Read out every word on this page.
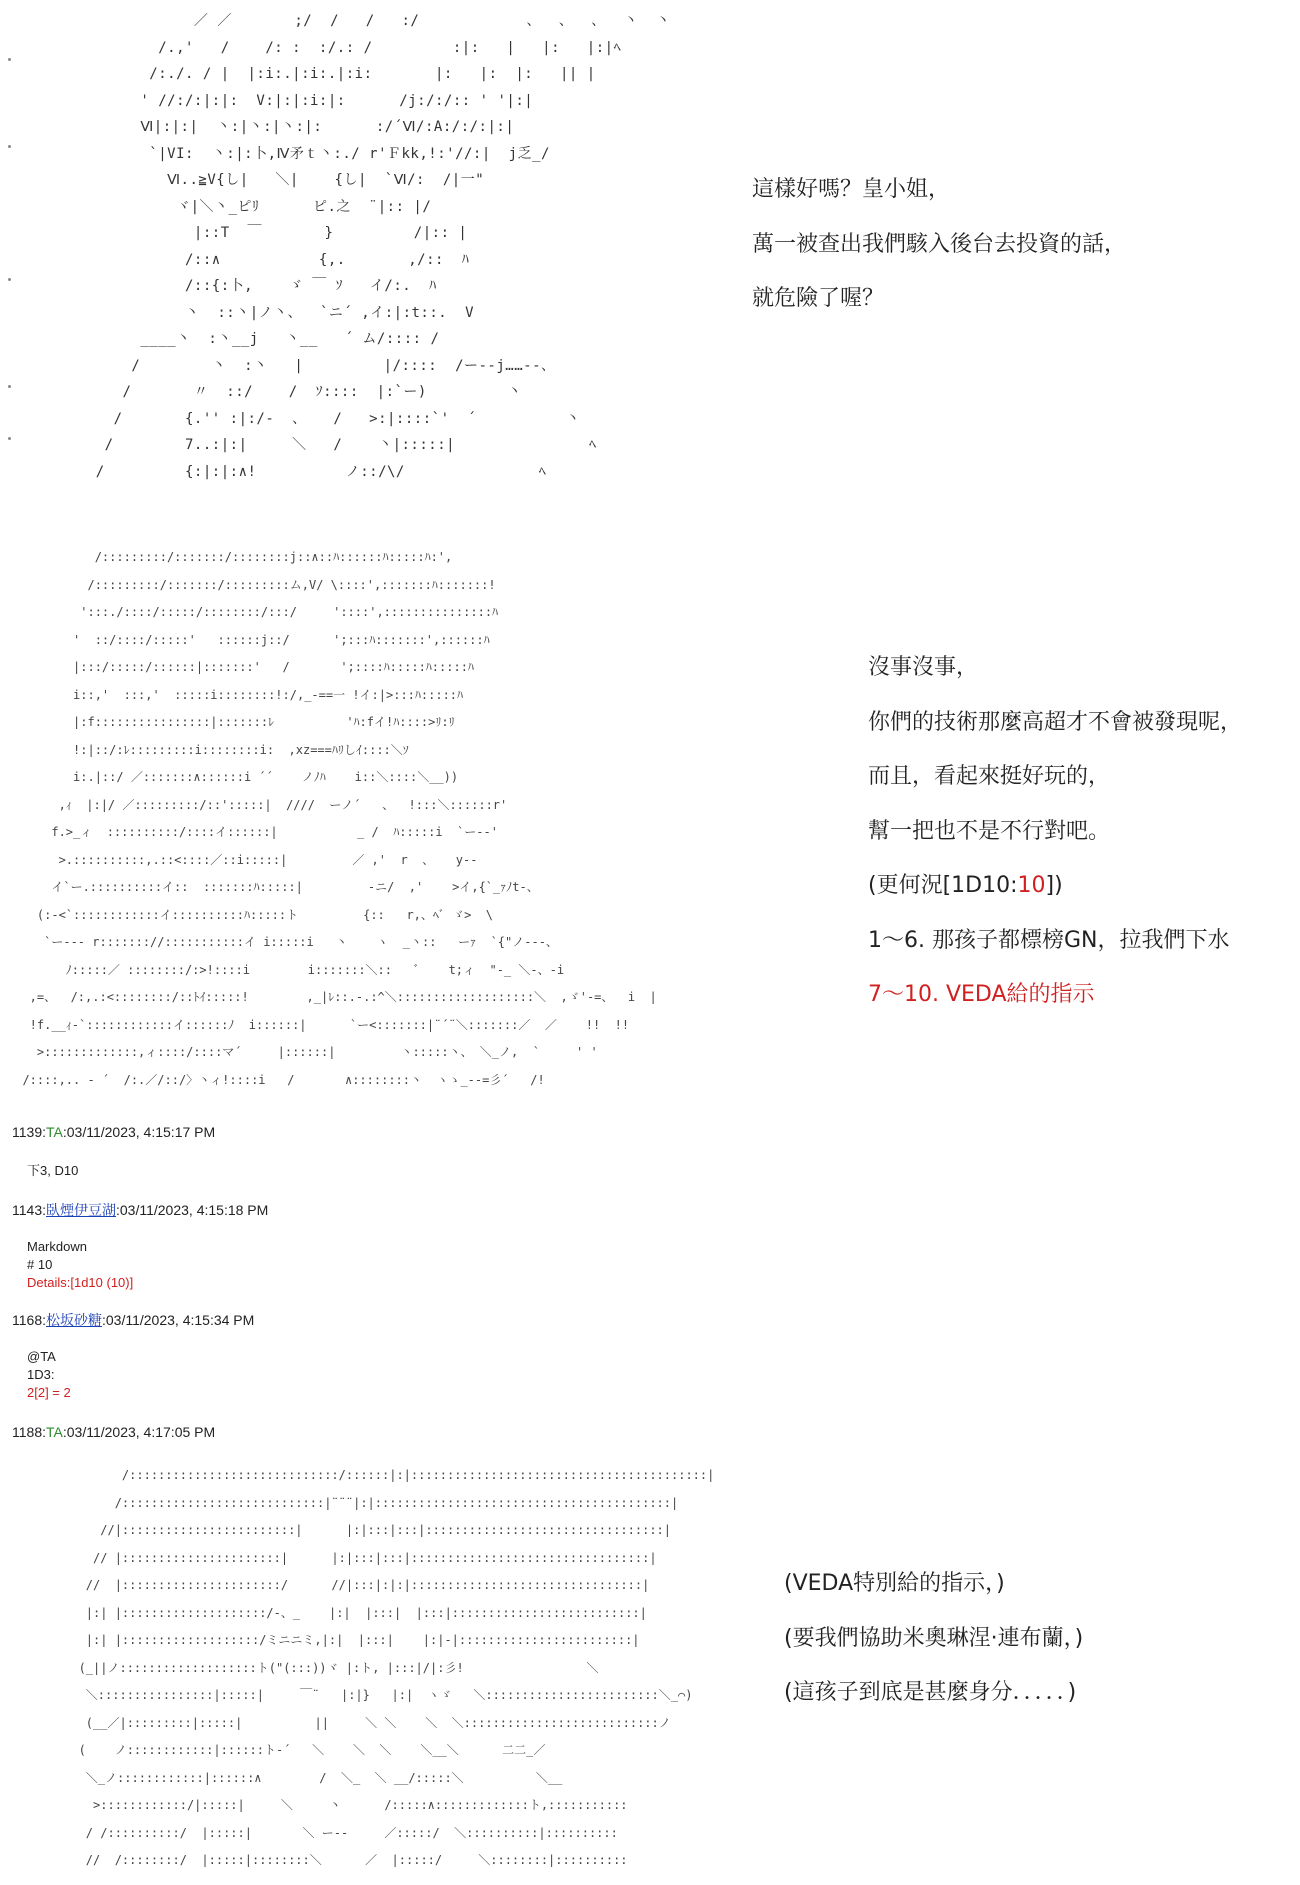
／ ／       ;/  /   /   :/            、  、  、  丶  丶
/.,'   /    /: :  :/.: /         :|:   |   |:   |:|ﾍ
/:./. / |  |:i:.|:i:.|:i:       |:   |:  |:   || |
' //:/:|:|:  V:|:|:i:|:      /j:/:/:: ' '|:|
Ⅵ|:|:|  丶:|丶:|丶:|:      :/´Ⅵ/:A:/:/:|:|
`|VI:  丶:|:卜,Ⅳ矛ｔ丶:./ r'Ｆkk,!:'//:|  j乏_/
Ⅵ..≧V{し|   ＼|    {し|  `Ⅵ/:  /|一"
ヾ|＼丶_ピﾘ      ピ.之  ¨|:: |/
|::T  ￣       }         /|:: |
/::∧           {,.       ,/::  ﾊ
/::{:卜,    ゞ ￣ ｿ   イ/:.  ﾊ
丶  ::丶|ノ丶、  `ニ´ ,イ:|:t::.  V
____丶  :丶__j   丶__   ´ ム/:::: /
/        丶  :丶   |         |/::::  /ー--j……--、
/       〃  ::/    /  ｿ::::  |:`ー)         丶
/       {.'' :|:/-  、   /   >:|::::`'  ´          丶
/        7..:|:|     ＼   /    丶|:::::|               ﾍ
/         {:|:|:∧!          ノ::/\/               ﾍ
這樣好嗎？皇小姐，
萬一被查出我們駭入後台去投資的話，
就危險了喔？
/:::::::::/:::::::/::::::::j::∧::ﾊ::::::ﾊ:::::ﾊ:',
/:::::::::/:::::::/:::::::::ム,V/ \::::',:::::::ﾊ:::::::!
':::./::::/:::::/::::::::/:::/     '::::',:::::::::::::::ﾊ
'  ::/::::/:::::'   ::::::j::/      ';:::ﾊ:::::::',::::::ﾊ
|:::/:::::/::::::|:::::::'   /       ';::::ﾊ:::::ﾊ:::::ﾊ
i::,'  :::,'  :::::i::::::::!:/,_-==一 !イ:|>:::ﾊ:::::ﾊ
|:f::::::::::::::::|:::::::ﾚ          'ﾊ:fイ!ﾊ::::>ﾘ:ﾘ
!:|::/:ﾚ:::::::::i::::::::i:  ,xz===ﾊﾘしｲ::::＼ｿ
i:.|::/ ／:::::::∧::::::i ´´    ノﾉﾊ    i::＼::::＼__))
,ｨ  |:|/ ／:::::::::/::':::::|  ////  ーノ´   、  !:::＼::::::r'
f.>_ィ  ::::::::::/::::イ::::::|           _ /  ﾊ:::::i  `ー-‐'
>.::::::::::,.::<::::／::i:::::|         ／ ,'  r  、   y--
イ`ー.::::::::::イ::  :::::::ﾊ:::::|         -ニ/  ,'    >イ,{`_ｧﾉt-、
(:-<`::::::::::::イ::::::::::ﾊ:::::ト         {::   r,、ﾍﾞ ゞ>  \
`ー--- r::::::://:::::::::::イ i:::::i   丶    ヽ  _丶::   ーｧ  `{"ノ---、
ﾉ:::::／ ::::::::/:>!::::i        i:::::::＼::   ﾞ    t;ィ  "-_ ＼-、-i
,=、  /:,.:<::::::::/::ﾄｲ:::::!        ,_|ﾚ::.-.:^＼:::::::::::::::::::＼  ,ゞ'-=、  i  |
!f.__ｨ-`::::::::::::イ::::::ﾉ  i::::::|      `ー<:::::::|¨´¨＼:::::::／  ／    !!  !!
>:::::::::::::,ィ::::/::::マ´     |::::::|         丶:::::丶、 ＼_ノ,  `     ' '
/::::,.. - ´  /:.／/::/〉丶ィ!::::i   /       ∧::::::::丶  ヽゝ_--=彡´   /!
沒事沒事，
你們的技術那麼高超才不會被發現呢，
而且，看起來挺好玩的，
幫一把也不是不行對吧。
(更何況[1D10:10])
1～6. 那孩子都標榜GN，拉我們下水
7～10. VEDA給的指示
1139:TA:03/11/2023, 4:15:17 PM
下3, D10
1143:臥煙伊豆湖:03/11/2023, 4:15:18 PM
Markdown
# 10
Details:[1d10 (10)]
1168:松坂砂糖:03/11/2023, 4:15:34 PM
@TA
1D3:
2[2] = 2
1188:TA:03/11/2023, 4:17:05 PM
/:::::::::::::::::::::::::::::/::::::|:|:::::::::::::::::::::::::::::::::::::::::|
/::::::::::::::::::::::::::::|¨¨¨|:|:::::::::::::::::::::::::::::::::::::::::|
//|::::::::::::::::::::::::|      |:|:::|:::|:::::::::::::::::::::::::::::::::|
// |::::::::::::::::::::::|      |:|:::|:::|:::::::::::::::::::::::::::::::::|
//  |::::::::::::::::::::::/      //|:::|:|:|::::::::::::::::::::::::::::::::|
|:| |::::::::::::::::::::/-、_    |:|  |:::|  |:::|::::::::::::::::::::::::::|
|:| |:::::::::::::::::::/ミニニミ,|:|  |:::|    |:|-|::::::::::::::::::::::::|
(_||ノ:::::::::::::::::::ト("(:::))ヾ |:ト, |:::|/|:彡!                 ＼
＼::::::::::::::::|:::::|     ￣¨   |:|}   |:|  ヽゞ   ＼::::::::::::::::::::::::＼_⌒)
(__／|:::::::::|:::::|          ||     ＼ ＼    ＼  ＼:::::::::::::::::::::::::::ノ
(    ノ::::::::::::|::::::ト-´   ＼    ＼  ＼    ＼__＼      二二_／
＼_ノ::::::::::::|::::::∧        /  ＼_  ＼ __/:::::＼          ＼__
>::::::::::::/|:::::|     ＼     丶      /:::::∧:::::::::::::ト,:::::::::::
/ /::::::::::/  |:::::|       ＼ ー--     ／:::::/  ＼::::::::::|::::::::::
//  /::::::::/  |:::::|::::::::＼      ／  |:::::/     ＼::::::::|::::::::::
(VEDA特別給的指示，)
(要我們協助米奧琳涅·連布蘭，)
(這孩子到底是甚麼身分．．．．．)
